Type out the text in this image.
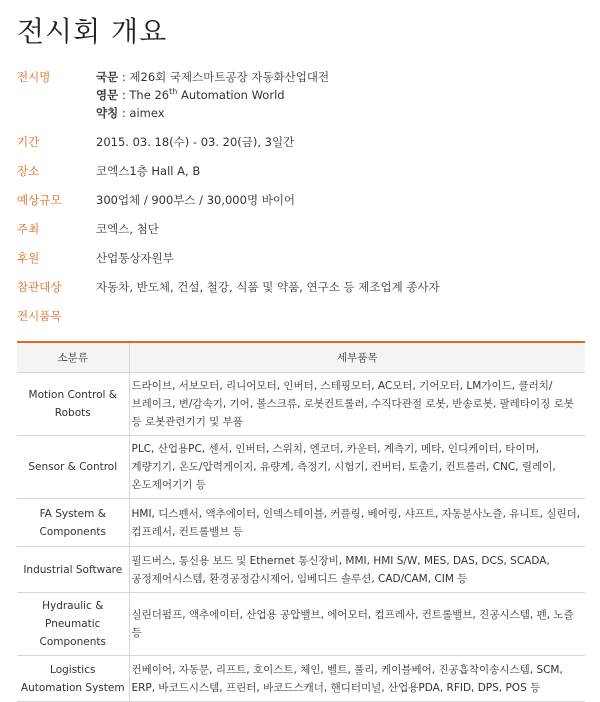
전시회 개요
전시명	국문 : 제26회 국제스마트공장 자동화산업대전
영문 : The 26th Automation World
약칭 : aimex
기간	2015. 03. 18(수) - 03. 20(금), 3일간
장소	코엑스1층 Hall A, B
예상규모	300업체 / 900부스 / 30,000명 바이어
주최	코엑스, 첨단
후원	산업통상자원부
참관대상	자동차, 반도체, 건설, 철강, 식품 및 약품, 연구소 등 제조업계 종사자
전시품목
소분류	세부품목
Motion Control & Robots	드라이브, 서보모터, 리니어모터, 인버터, 스테핑모터, AC모터, 기어모터, LM가이드, 클러치/브레이크, 변/감속기, 기어, 볼스크류, 로봇컨트롤러, 수직다관절 로봇, 반송로봇, 팔레타이징 로봇 등 로봇관련기기 및 부품
Sensor & Control	PLC, 산업용PC, 센서, 인버터, 스위치, 엔코더, 카운터, 계측기, 메타, 인디케이터, 타이머, 계량기기, 온도/압력게이지, 유량계, 측정기, 시험기, 컨버터, 토출기, 컨트롤러, CNC, 릴레이, 온도제어기기 등
FA System & Components	HMI, 디스펜서, 액추에이터, 인덱스테이블, 커플링, 베어링, 샤프트, 자동분사노즐, 유니트, 실린더, 컴프레서, 컨트롤밸브 등
Industrial Software	필드버스, 통신용 보드 및 Ethernet 통신장비, MMI, HMI S/W, MES, DAS, DCS, SCADA, 공정제어시스템, 환경공정감시제어, 임베디드 솔루션, CAD/CAM, CIM 등
Hydraulic & Pneumatic Components	실린더펌프, 액추에이터, 산업용 공압밸브, 에어모터, 컴프레사, 컨트롤밸브, 진공시스템, 펜, 노즐 등
Logistics Automation System	컨베이어, 자동문, 리프트, 호이스트, 체인, 벨트, 풀리, 케이블베어, 진공흡착이송시스템, SCM, ERP, 바코드시스템, 프린터, 바코드스캐너, 핸디터미널, 산업용PDA, RFID, DPS, POS 등
